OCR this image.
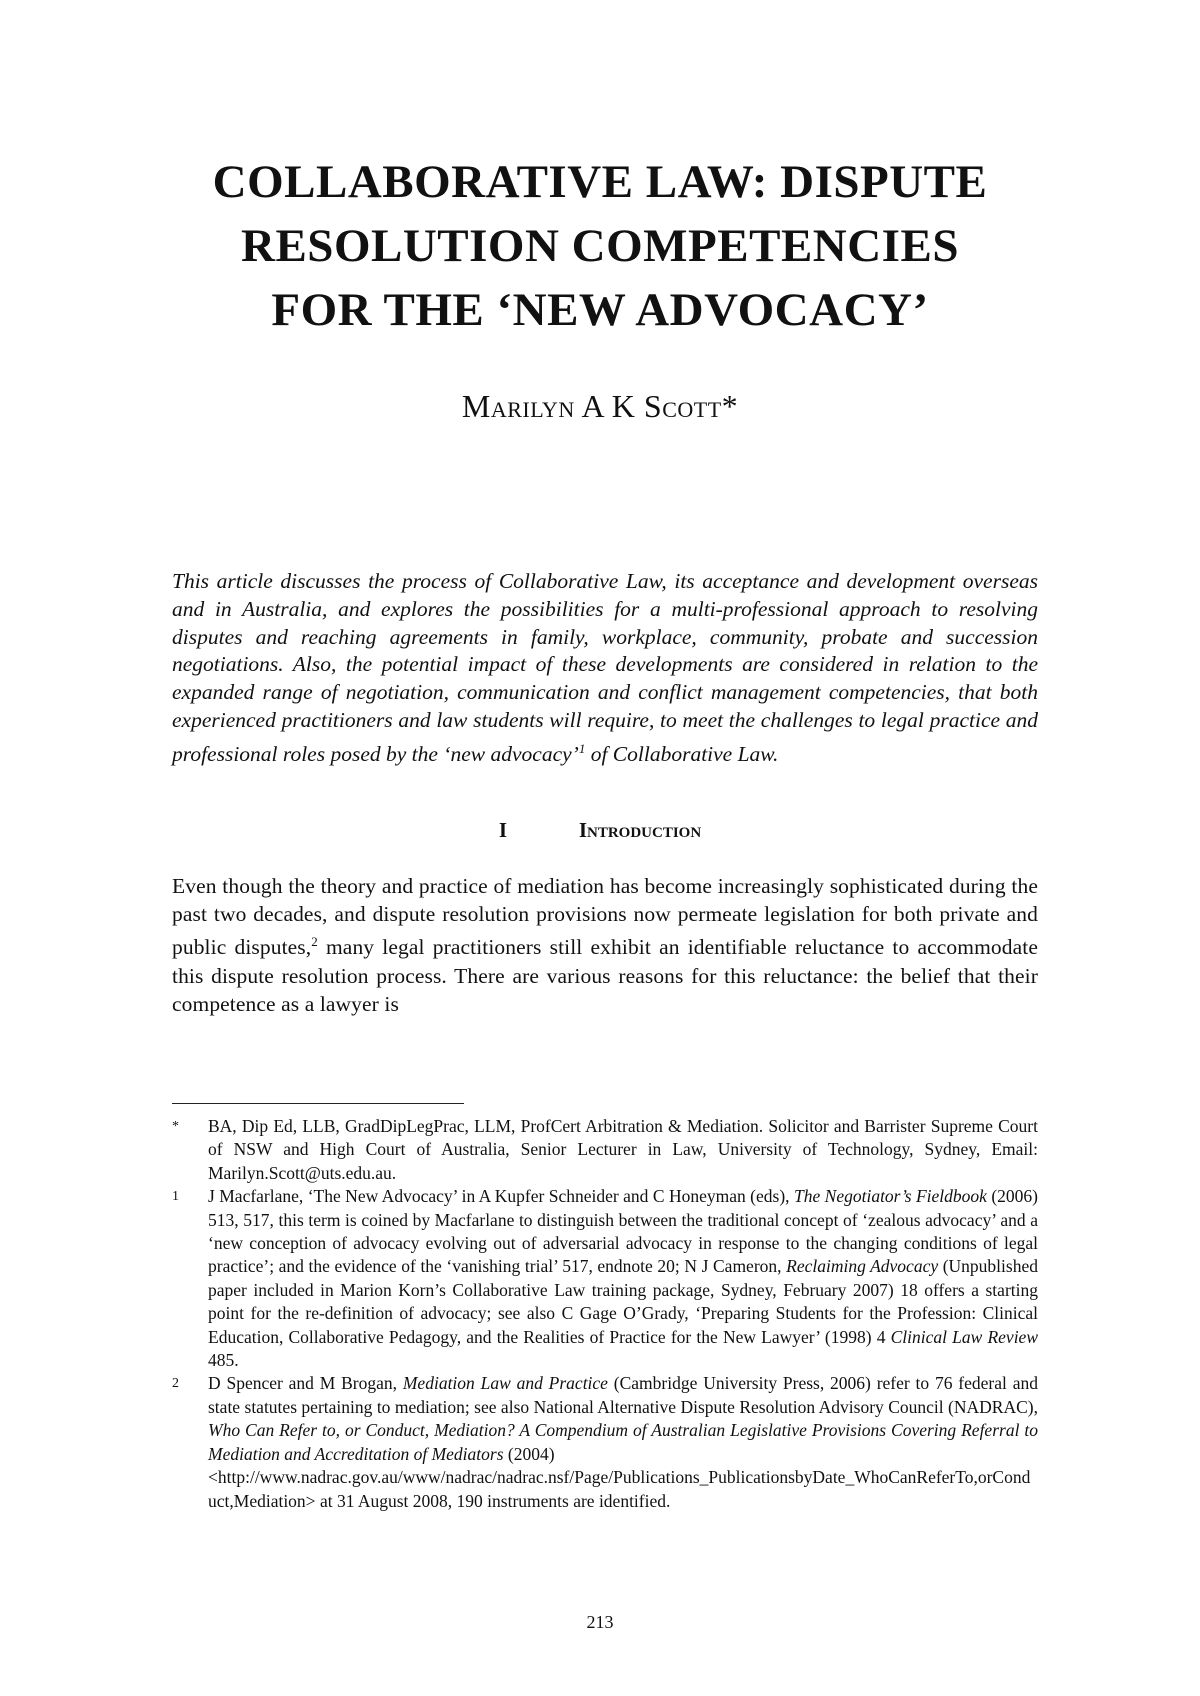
COLLABORATIVE LAW: DISPUTE
RESOLUTION COMPETENCIES
FOR THE ‘NEW ADVOCACY’

Marilyn A K Scott*

This article discusses the process of Collaborative Law, its acceptance and development overseas and in Australia, and explores the possibilities for a multi-professional approach to resolving disputes and reaching agreements in family, workplace, community, probate and succession negotiations. Also, the potential impact of these developments are considered in relation to the expanded range of negotiation, communication and conflict management competencies, that both experienced practitioners and law students will require, to meet the challenges to legal practice and professional roles posed by the ‘new advocacy’$^1$ of Collaborative Law.

I	Introduction

Even though the theory and practice of mediation has become increasingly sophisticated during the past two decades, and dispute resolution provisions now permeate legislation for both private and public disputes,$^2$ many legal practitioners still exhibit an identifiable reluctance to accommodate this dispute resolution process. There are various reasons for this reluctance: the belief that their competence as a lawyer is

* BA, Dip Ed, LLB, GradDipLegPrac, LLM, ProfCert Arbitration & Mediation. Solicitor and Barrister Supreme Court of NSW and High Court of Australia, Senior Lecturer in Law, University of Technology, Sydney, Email: Marilyn.Scott@uts.edu.au.

1 J Macfarlane, ‘The New Advocacy’ in A Kupfer Schneider and C Honeyman (eds), The Negotiator’s Fieldbook (2006) 513, 517, this term is coined by Macfarlane to distinguish between the traditional concept of ‘zealous advocacy’ and a ‘new conception of advocacy evolving out of adversarial advocacy in response to the changing conditions of legal practice’; and the evidence of the ‘vanishing trial’ 517, endnote 20; N J Cameron, Reclaiming Advocacy (Unpublished paper included in Marion Korn’s Collaborative Law training package, Sydney, February 2007) 18 offers a starting point for the re-definition of advocacy; see also C Gage O’Grady, ‘Preparing Students for the Profession: Clinical Education, Collaborative Pedagogy, and the Realities of Practice for the New Lawyer’ (1998) 4 Clinical Law Review 485.

2 D Spencer and M Brogan, Mediation Law and Practice (Cambridge University Press, 2006) refer to 76 federal and state statutes pertaining to mediation; see also National Alternative Dispute Resolution Advisory Council (NADRAC), Who Can Refer to, or Conduct, Mediation? A Compendium of Australian Legislative Provisions Covering Referral to Mediation and Accreditation of Mediators (2004)
<http://www.nadrac.gov.au/www/nadrac/nadrac.nsf/Page/Publications_PublicationsbyDate_WhoCanReferTo,orConduct,Mediation> at 31 August 2008, 190 instruments are identified.

213
